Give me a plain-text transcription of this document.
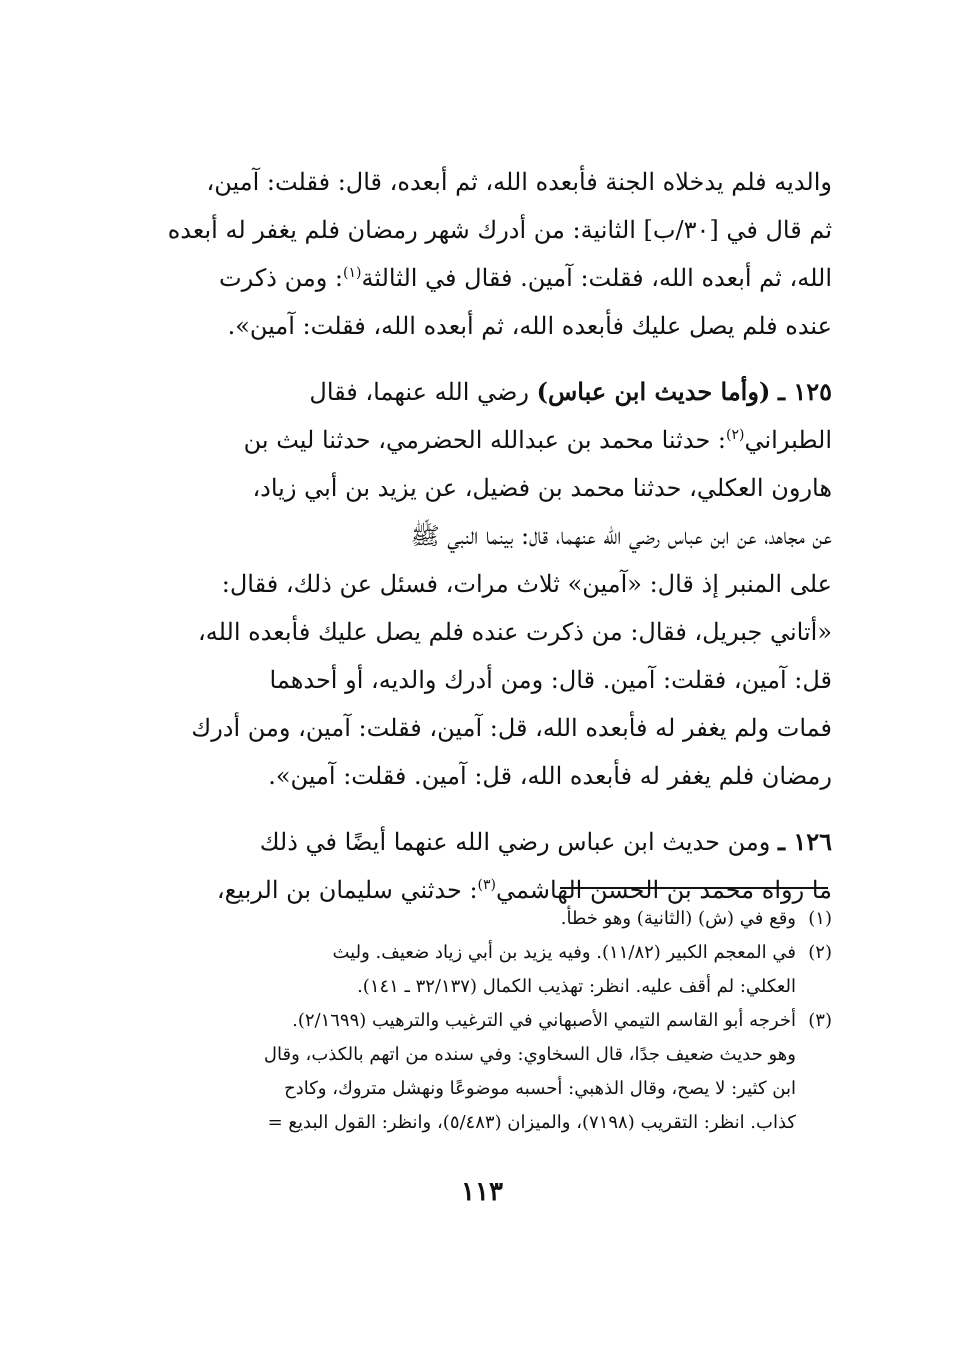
والديه فلم يدخلاه الجنة فأبعده الله، ثم أبعده، قال: فقلت: آمين،
ثم قال في [٣٠/ب] الثانية: من أدرك شهر رمضان فلم يغفر له أبعده
الله، ثم أبعده الله، فقلت: آمين. فقال في الثالثة$^{(١)}$: ومن ذكرت
عنده فلم يصل عليك فأبعده الله، ثم أبعده الله، فقلت: آمين».
١٢٥ ـ (وأما حديث ابن عباس) رضي الله عنهما، فقال
الطبراني$^{(٢)}$: حدثنا محمد بن عبدالله الحضرمي، حدثنا ليث بن
هارون العكلي، حدثنا محمد بن فضيل، عن يزيد بن أبي زياد،
عن مجاهد، عن ابن عباس رضي الله عنهما، قال: بينما النبي ﷺ
على المنبر إذ قال: «آمين» ثلاث مرات، فسئل عن ذلك، فقال:
«أتاني جبريل، فقال: من ذكرت عنده فلم يصل عليك فأبعده الله،
قل: آمين، فقلت: آمين. قال: ومن أدرك والديه، أو أحدهما
فمات ولم يغفر له فأبعده الله، قل: آمين، فقلت: آمين، ومن أدرك
رمضان فلم يغفر له فأبعده الله، قل: آمين. فقلت: آمين».
١٢٦ ـ ومن حديث ابن عباس رضي الله عنهما أيضًا في ذلك
ما رواه محمد بن الحسن الهاشمي$^{(٣)}$: حدثني سليمان بن الربيع،
(١)وقع في (ش) (الثانية) وهو خطأ.
(٢)في المعجم الكبير (١١/٨٢). وفيه يزيد بن أبي زياد ضعيف. وليث
العكلي: لم أقف عليه. انظر: تهذيب الكمال (٣٢/١٣٧ ـ ١٤١).
(٣)أخرجه أبو القاسم التيمي الأصبهاني في الترغيب والترهيب (٢/١٦٩٩).
وهو حديث ضعيف جدًا، قال السخاوي: وفي سنده من اتهم بالكذب، وقال
ابن كثير: لا يصح، وقال الذهبي: أحسبه موضوعًا ونهشل متروك، وكادح
كذاب. انظر: التقريب (٧١٩٨)، والميزان (٥/٤٨٣)، وانظر: القول البديع =
١١٣
